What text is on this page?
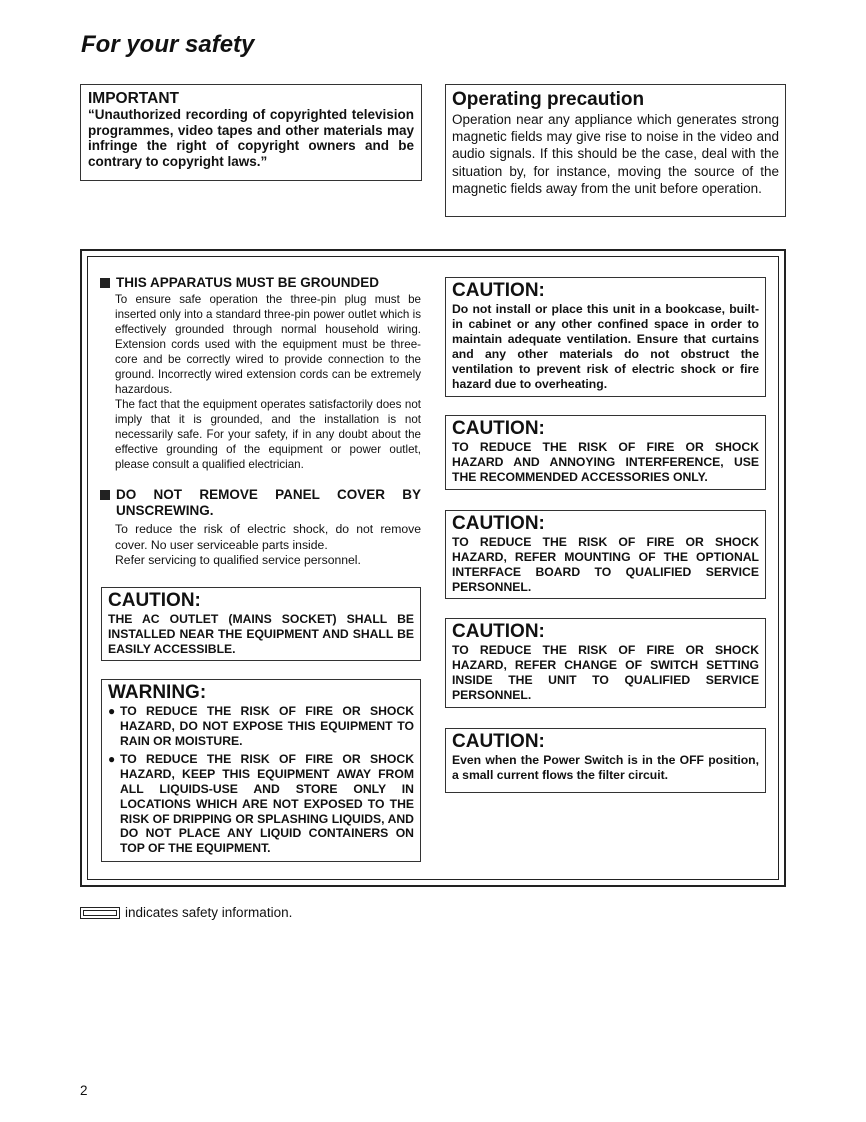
For your safety
IMPORTANT
“Unauthorized recording of copyrighted television programmes, video tapes and other materials may infringe the right of copyright owners and be contrary to copyright laws.”
Operating precaution
Operation near any appliance which generates strong magnetic fields may give rise to noise in the video and audio signals. If this should be the case, deal with the situation by, for instance, moving the source of the magnetic fields away from the unit before operation.
THIS APPARATUS MUST BE GROUNDED

To ensure safe operation the three-pin plug must be inserted only into a standard three-pin power outlet which is effectively grounded through normal household wiring. Extension cords used with the equipment must be three-core and be correctly wired to provide connection to the ground. Incorrectly wired extension cords can be extremely hazardous.

The fact that the equipment operates satisfactorily does not imply that it is grounded, and the installation is not necessarily safe. For your safety, if in any doubt about the effective grounding of the equipment or power outlet, please consult a qualified electrician.

DO NOT REMOVE PANEL COVER BY
UNSCREWING.

To reduce the risk of electric shock, do not remove cover. No user serviceable parts inside.

Refer servicing to qualified service personnel.

CAUTION:
THE AC OUTLET (MAINS SOCKET) SHALL BE INSTALLED NEAR THE EQUIPMENT AND SHALL BE EASILY ACCESSIBLE.
WARNING:
● TO REDUCE THE RISK OF FIRE OR SHOCK HAZARD, DO NOT EXPOSE THIS EQUIPMENT TO RAIN OR MOISTURE.
● TO REDUCE THE RISK OF FIRE OR SHOCK HAZARD, KEEP THIS EQUIPMENT AWAY FROM ALL LIQUIDS-USE AND STORE ONLY IN LOCATIONS WHICH ARE NOT EXPOSED TO THE RISK OF DRIPPING OR SPLASHING LIQUIDS, AND DO NOT PLACE ANY LIQUID CONTAINERS ON TOP OF THE EQUIPMENT.
CAUTION:
Do not install or place this unit in a bookcase, built-in cabinet or any other confined space in order to maintain adequate ventilation. Ensure that curtains and any other materials do not obstruct the ventilation to prevent risk of electric shock or fire hazard due to overheating.
CAUTION:
TO REDUCE THE RISK OF FIRE OR SHOCK HAZARD AND ANNOYING INTERFERENCE, USE THE RECOMMENDED ACCESSORIES ONLY.
CAUTION:
TO REDUCE THE RISK OF FIRE OR SHOCK HAZARD, REFER MOUNTING OF THE OPTIONAL INTERFACE BOARD TO QUALIFIED SERVICE PERSONNEL.
CAUTION:
TO REDUCE THE RISK OF FIRE OR SHOCK HAZARD, REFER CHANGE OF SWITCH SETTING INSIDE THE UNIT TO QUALIFIED SERVICE PERSONNEL.
CAUTION:
Even when the Power Switch is in the OFF position, a small current flows the filter circuit.
indicates safety information.
2
